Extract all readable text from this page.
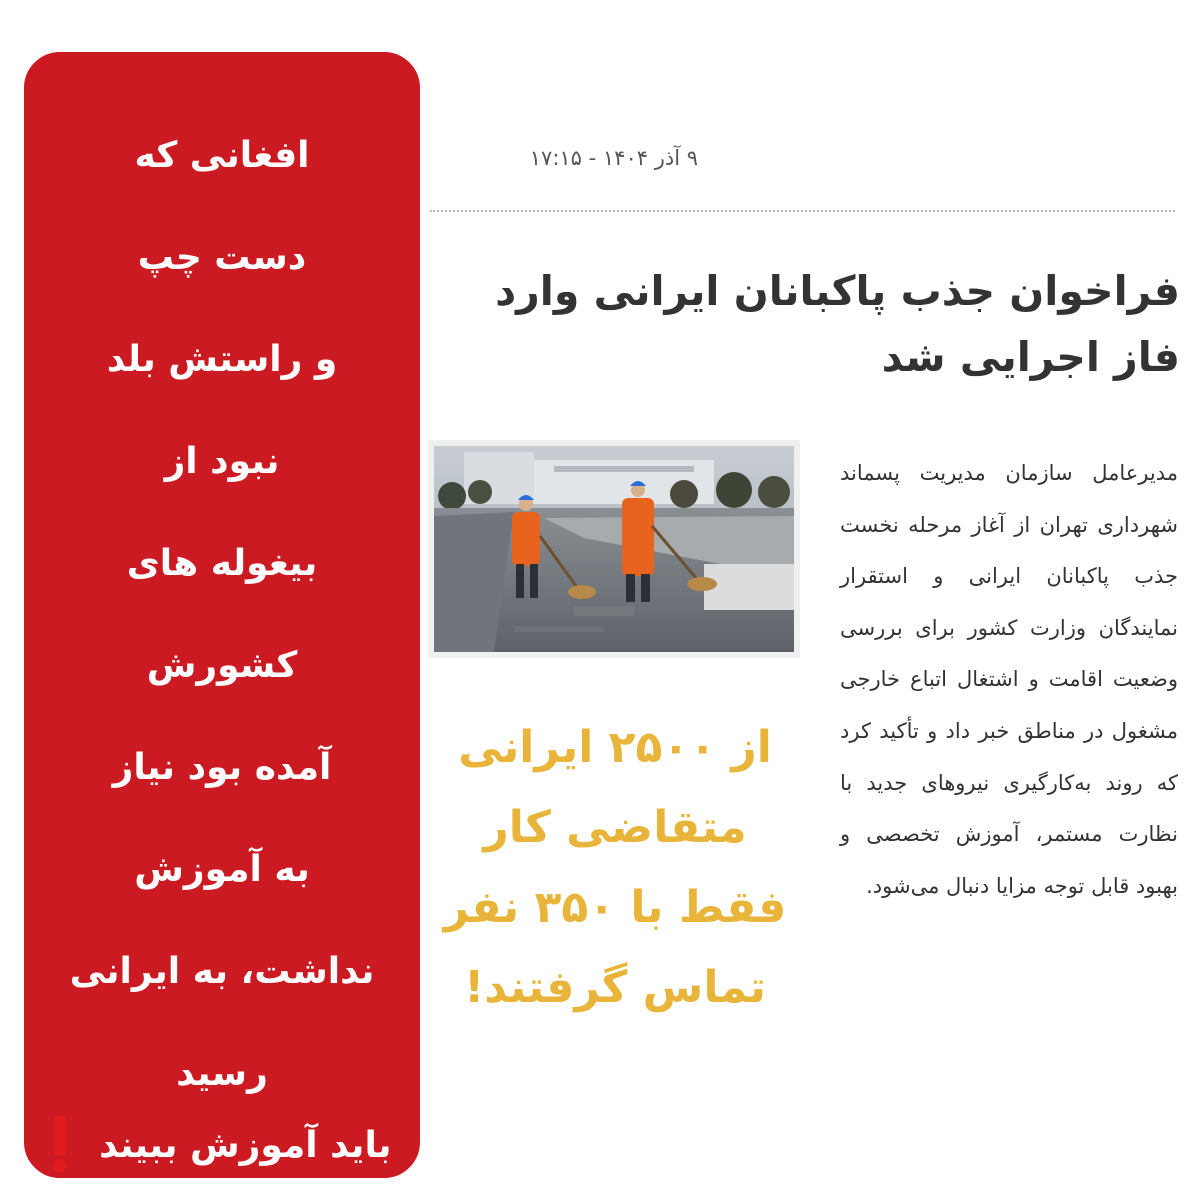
افغانی که
دست چپ
و راستش بلد
نبود از
بیغوله های
کشورش
آمده بود نیاز
به آموزش
نداشت، به ایرانی
رسید
باید آموزش ببیند
۹ آذر ۱۴۰۴ - ۱۷:۱۵
فراخوان جذب پاکبانان ایرانی وارد فاز اجرایی شد
مدیرعامل سازمان مدیریت پسماند شهرداری تهران از آغاز مرحله نخست جذب پاکبانان ایرانی و استقرار نمایندگان وزارت کشور برای بررسی وضعیت اقامت و اشتغال اتباع خارجی مشغول در مناطق خبر داد و تأکید کرد که روند به‌کارگیری نیروهای جدید با نظارت مستمر، آموزش تخصصی و بهبود قابل توجه مزایا دنبال می‌شود.
از ۲۵۰۰ ایرانی
متقاضی کار
فقط با ۳۵۰ نفر
تماس گرفتند!
